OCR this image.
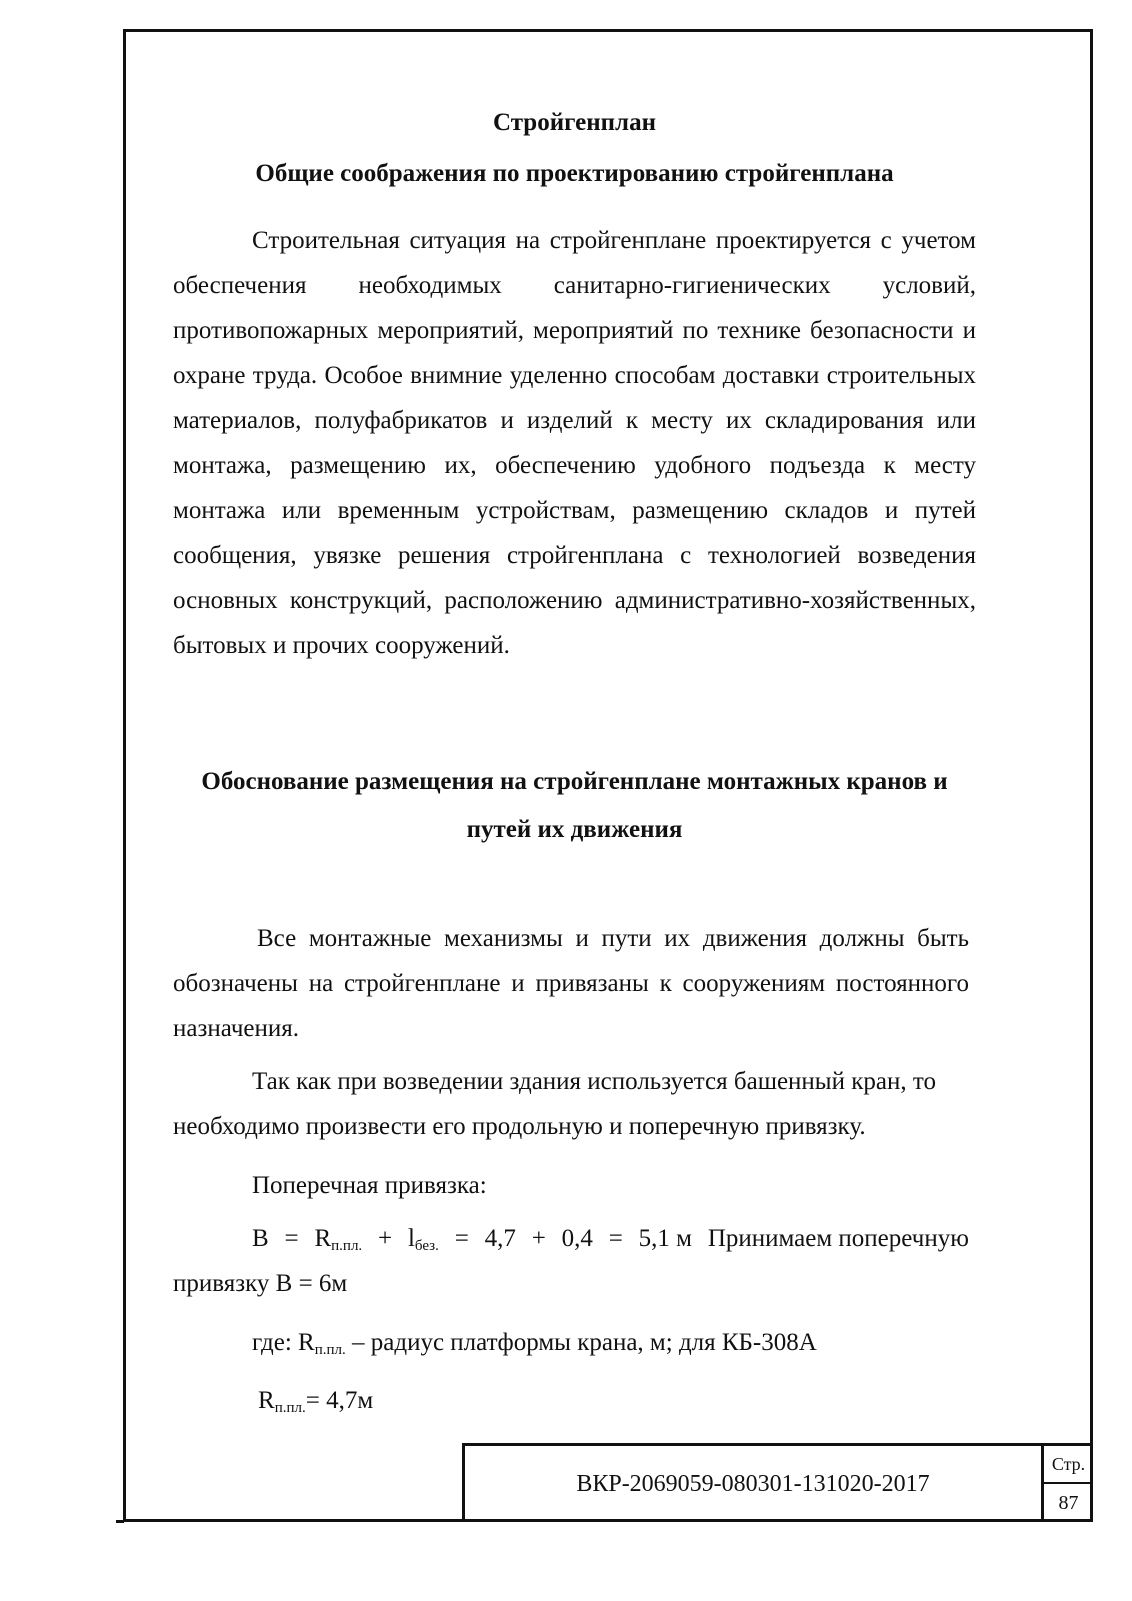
Стройгенплан
Общие соображения по проектированию стройгенплана
Строительная ситуация на стройгенплане проектируется с учетом обеспечения необходимых санитарно-гигиенических условий, противопожарных мероприятий, мероприятий по технике безопасности и охране труда. Особое внимние уделенно способам доставки строительных материалов, полуфабрикатов и изделий к месту их складирования или монтажа, размещению их, обеспечению удобного подъезда к месту монтажа или временным устройствам, размещению складов и путей сообщения, увязке решения стройгенплана с технологией возведения основных конструкций, расположению административно-хозяйственных, бытовых и прочих сооружений.
Обоснование размещения на стройгенплане монтажных кранов и путей их движения
Все монтажные механизмы и пути их движения должны быть обозначены на стройгенплане и привязаны к сооружениям постоянного назначения.
Так как при возведении здания используется башенный кран, то
необходимо произвести его продольную и поперечную привязку.
Поперечная привязка:
$B = R_{п.пл.} + l_{без.} = 4,7 + 0,4 = 5,1$ м Принимаем поперечную
привязку B = 6м
где: $R_{п.пл.}$ – радиус платформы крана, м; для КБ-308А
$R_{п.пл.}= 4,7м$
ВКР-2069059-080301-131020-2017
Стр.
87
